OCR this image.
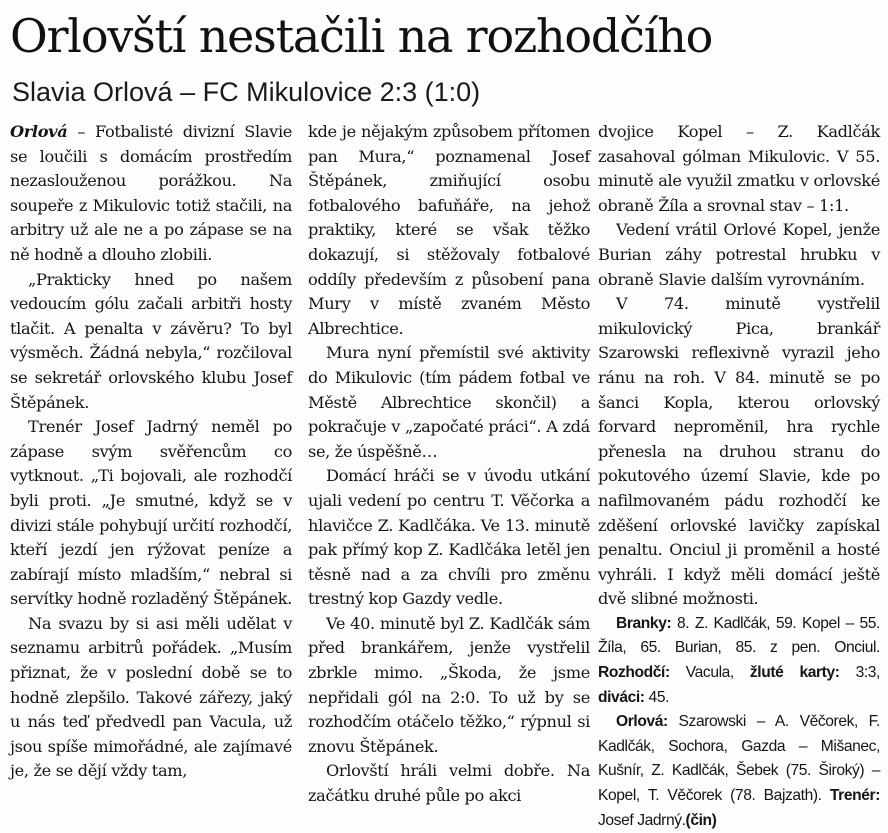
Orlovští nestačili na rozhodčího
Slavia Orlová – FC Mikulovice 2:3 (1:0)

Orlová – Fotbalisté divizní Slavie se loučili s domácím prostředím nezaslouženou porážkou. Na soupeře z Mikulovic totiž stačili, na arbitry už ale ne a po zápase se na ně hodně a dlouho zlobili.

„Prakticky hned po našem vedoucím gólu začali arbitři hosty tlačit. A penalta v závěru? To byl výsměch. Žádná nebyla,“ rozčiloval se sekretář orlovského klubu Josef Štěpánek.

Trenér Josef Jadrný neměl po zápase svým svěřencům co vytknout. „Ti bojovali, ale rozhodčí byli proti. „Je smutné, když se v divizi stále pohybují určití rozhodčí, kteří jezdí jen rýžovat peníze a zabírají místo mladším,“ nebral si servítky hodně rozladěný Štěpánek.

Na svazu by si asi měli udělat v seznamu arbitrů pořádek. „Musím přiznat, že v poslední době se to hodně zlepšilo. Takové zářezy, jaký u nás teď předvedl pan Vacula, už jsou spíše mimořádné, ale zajímavé je, že se dějí vždy tam,

kde je nějakým způsobem přítomen pan Mura,“ poznamenal Josef Štěpánek, zmiňující osobu fotbalového bafuňáře, na jehož praktiky, které se však těžko dokazují, si stěžovaly fotbalové oddíly především z působení pana Mury v místě zvaném Město Albrechtice.

Mura nyní přemístil své aktivity do Mikulovic (tím pádem fotbal ve Městě Albrechtice skončil) a pokračuje v „započaté práci“. A zdá se, že úspěšně…

Domácí hráči se v úvodu utkání ujali vedení po centru T. Věčorka a hlavičce Z. Kadlčáka. Ve 13. minutě pak přímý kop Z. Kadlčáka letěl jen těsně nad a za chvíli pro změnu trestný kop Gazdy vedle.

Ve 40. minutě byl Z. Kadlčák sám před brankářem, jenže vystřelil zbrkle mimo. „Škoda, že jsme nepřidali gól na 2:0. To už by se rozhodčím otáčelo těžko,“ rýpnul si znovu Štěpánek.

Orlovští hráli velmi dobře. Na začátku druhé půle po akci

dvojice Kopel – Z. Kadlčák zasahoval gólman Mikulovic. V 55. minutě ale využil zmatku v orlovské obraně Žíla a srovnal stav – 1:1.

Vedení vrátil Orlové Kopel, jenže Burian záhy potrestal hrubku v obraně Slavie dalším vyrovnáním.

V 74. minutě vystřelil mikulovický Pica, brankář Szarowski reflexivně vyrazil jeho ránu na roh. V 84. minutě se po šanci Kopla, kterou orlovský forvard neproměnil, hra rychle přenesla na druhou stranu do pokutového území Slavie, kde po nafilmovaném pádu rozhodčí ke zděšení orlovské lavičky zapískal penaltu. Onciul ji proměnil a hosté vyhráli. I když měli domácí ještě dvě slibné možnosti.

Branky: 8. Z. Kadlčák, 59. Kopel – 55. Žíla, 65. Burian, 85. z pen. Onciul. Rozhodčí: Vacula, žluté karty: 3:3, diváci: 45.

Orlová: Szarowski – A. Věčorek, F. Kadlčák, Sochora, Gazda – Mišanec, Kušnír, Z. Kadlčák, Šebek (75. Široký) – Kopel, T. Věčorek (78. Bajzath). Trenér: Josef Jadrný.(čin)
